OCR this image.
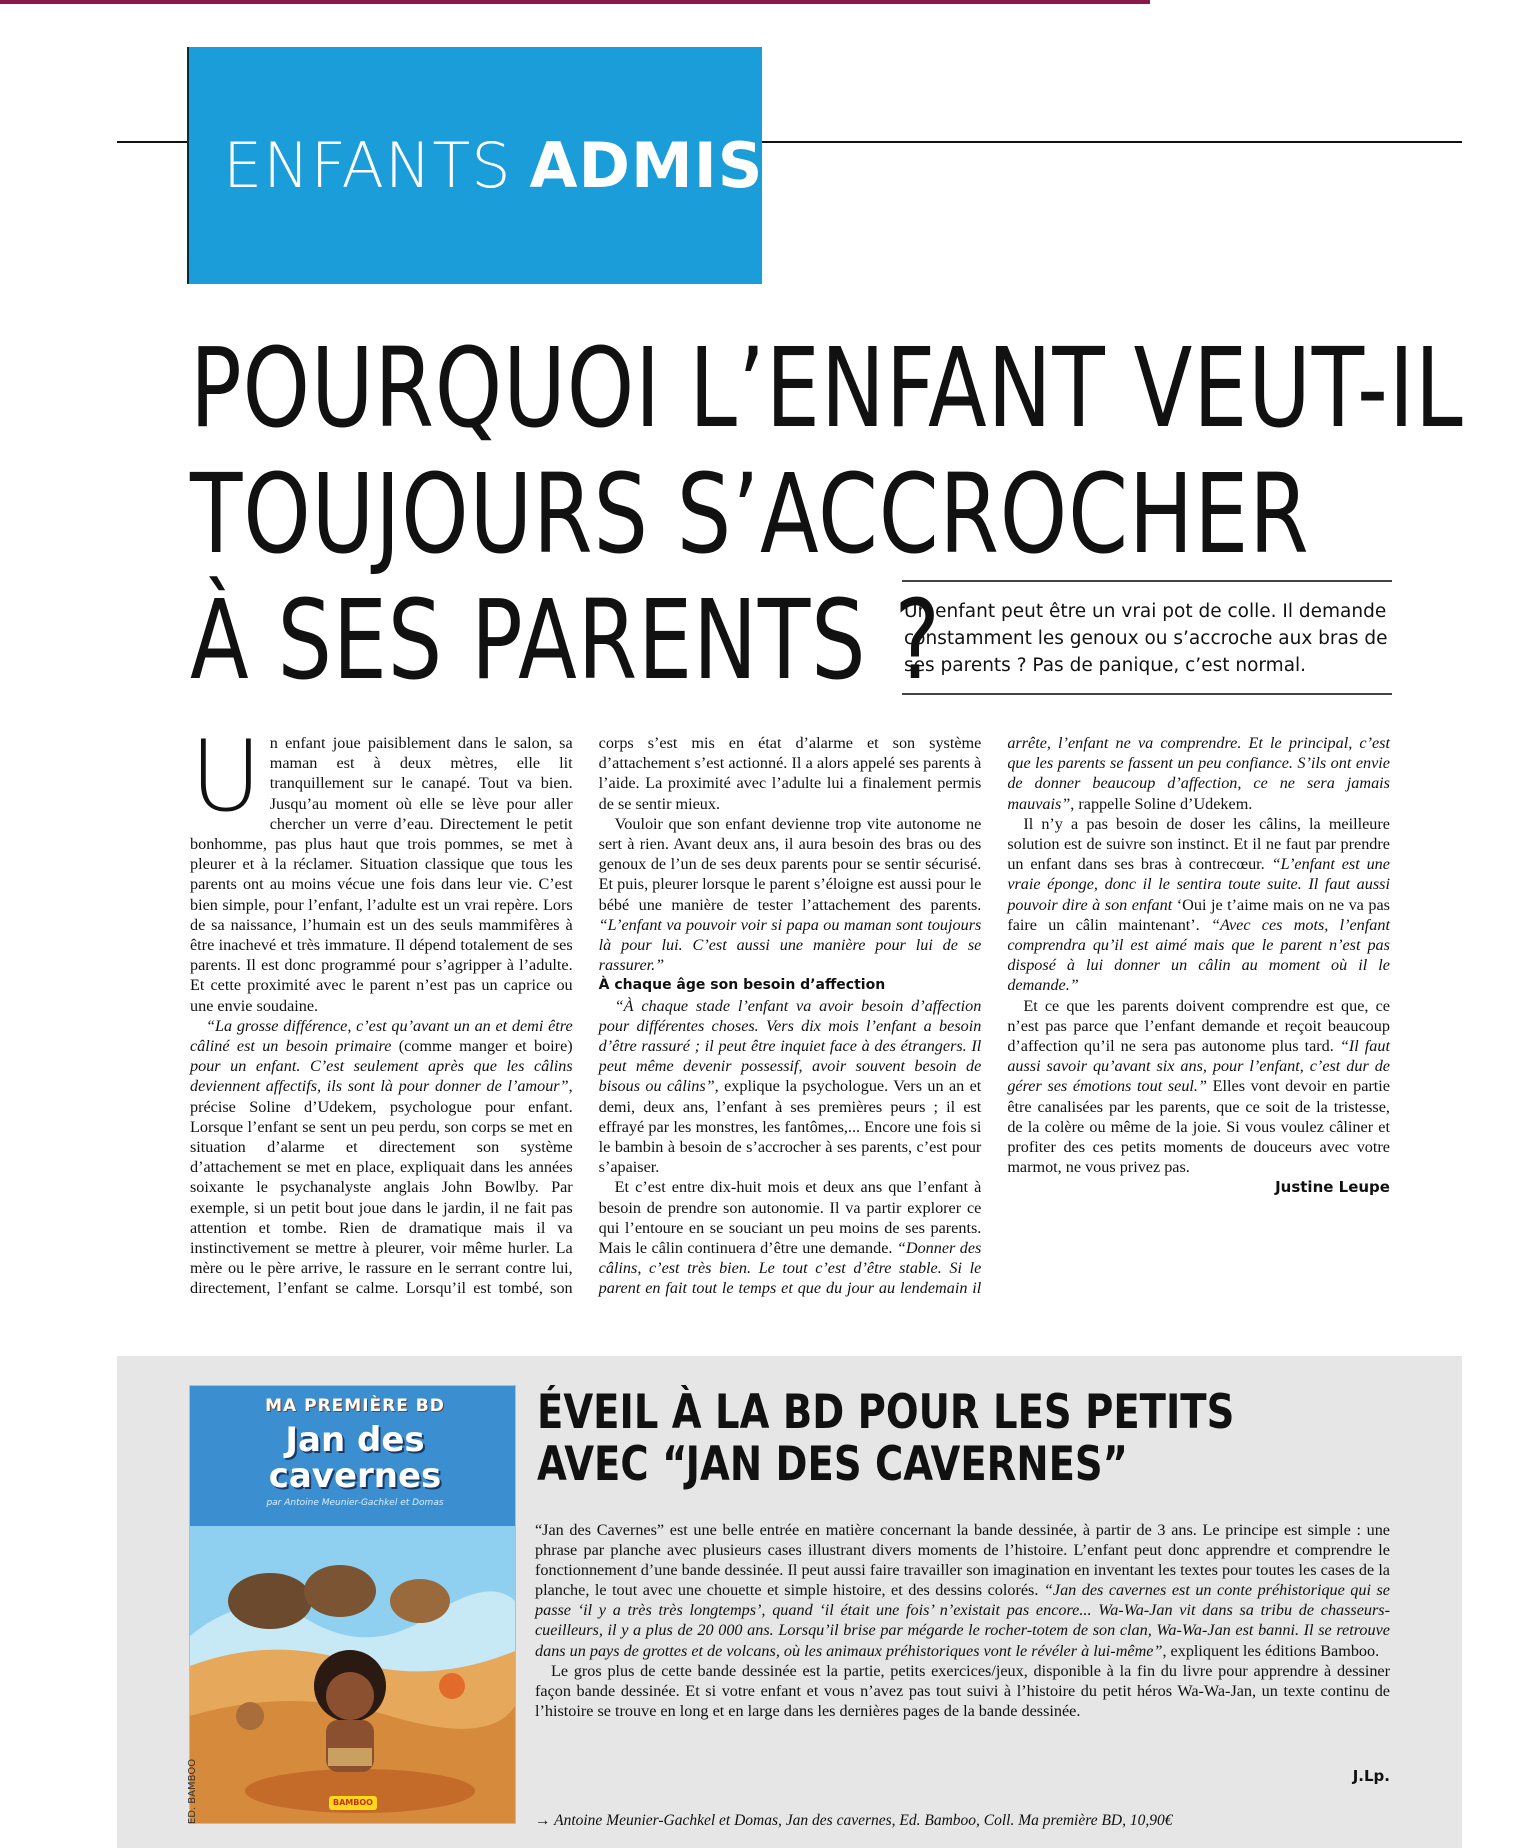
ENFANTS ADMIS
POURQUOI L’ENFANT VEUT-IL
TOUJOURS S’ACCROCHER
À SES PARENTS ?
Un enfant peut être un vrai pot de colle. Il demande constamment les genoux ou s’accroche aux bras de ses parents ? Pas de panique, c’est normal.

Un enfant joue paisiblement dans le salon, sa maman est à deux mètres, elle lit tranquillement sur le canapé. Tout va bien. Jusqu’au moment où elle se lève pour aller chercher un verre d’eau. Directement le petit bonhomme, pas plus haut que trois pommes, se met à pleurer et à la réclamer. Situation classique que tous les parents ont au moins vécue une fois dans leur vie. C’est bien simple, pour l’enfant, l’adulte est un vrai repère. Lors de sa naissance, l’humain est un des seuls mammifères à être inachevé et très immature. Il dépend totalement de ses parents. Il est donc programmé pour s’agripper à l’adulte. Et cette proximité avec le parent n’est pas un caprice ou une envie soudaine.

“La grosse différence, c’est qu’avant un an et demi être câliné est un besoin primaire (comme manger et boire) pour un enfant. C’est seulement après que les câlins deviennent affectifs, ils sont là pour donner de l’amour”, précise Soline d’Udekem, psychologue pour enfant. Lorsque l’enfant se sent un peu perdu, son corps se met en situation d’alarme et directement son système d’attachement se met en place, expliquait dans les années soixante le psychanalyste anglais John Bowlby. Par exemple, si un petit bout joue dans le jardin, il ne fait pas attention et tombe. Rien de dramatique mais il va instinctivement se mettre à pleurer, voir même hurler. La mère ou le père arrive, le rassure en le serrant contre lui, directement, l’enfant se calme. Lorsqu’il est tombé, son corps s’est mis en état d’alarme et son système d’attachement s’est actionné. Il a alors appelé ses parents à l’aide. La proximité avec l’adulte lui a finalement permis de se sentir mieux.

Vouloir que son enfant devienne trop vite autonome ne sert à rien. Avant deux ans, il aura besoin des bras ou des genoux de l’un de ses deux parents pour se sentir sécurisé. Et puis, pleurer lorsque le parent s’éloigne est aussi pour le bébé une manière de tester l’attachement des parents. “L’enfant va pouvoir voir si papa ou maman sont toujours là pour lui. C’est aussi une manière pour lui de se rassurer.”

À chaque âge son besoin d’affection

“À chaque stade l’enfant va avoir besoin d’affection pour différentes choses. Vers dix mois l’enfant a besoin d’être rassuré ; il peut être inquiet face à des étrangers. Il peut même devenir possessif, avoir souvent besoin de bisous ou câlins”, explique la psychologue. Vers un an et demi, deux ans, l’enfant à ses premières peurs ; il est effrayé par les monstres, les fantômes,... Encore une fois si le bambin à besoin de s’accrocher à ses parents, c’est pour s’apaiser.

Et c’est entre dix-huit mois et deux ans que l’enfant à besoin de prendre son autonomie. Il va partir explorer ce qui l’entoure en se souciant un peu moins de ses parents. Mais le câlin continuera d’être une demande. “Donner des câlins, c’est très bien. Le tout c’est d’être stable. Si le parent en fait tout le temps et que du jour au lendemain il arrête, l’enfant ne va comprendre. Et le principal, c’est que les parents se fassent un peu confiance. S’ils ont envie de donner beaucoup d’affection, ce ne sera jamais mauvais”, rappelle Soline d’Udekem.

Il n’y a pas besoin de doser les câlins, la meilleure solution est de suivre son instinct. Et il ne faut par prendre un enfant dans ses bras à contrecœur. “L’enfant est une vraie éponge, donc il le sentira toute suite. Il faut aussi pouvoir dire à son enfant ‘Oui je t’aime mais on ne va pas faire un câlin maintenant’. “Avec ces mots, l’enfant comprendra qu’il est aimé mais que le parent n’est pas disposé à lui donner un câlin au moment où il le demande.”

Et ce que les parents doivent comprendre est que, ce n’est pas parce que l’enfant demande et reçoit beaucoup d’affection qu’il ne sera pas autonome plus tard. “Il faut aussi savoir qu’avant six ans, pour l’enfant, c’est dur de gérer ses émotions tout seul.” Elles vont devoir en partie être canalisées par les parents, que ce soit de la tristesse, de la colère ou même de la joie. Si vous voulez câliner et profiter des ces petits moments de douceurs avec votre marmot, ne vous privez pas.

Justine Leupe

MA PREMIÈRE BD
Jan des
cavernes
par Antoine Meunier-Gachkel et Domas
ED. BAMBOO	BAMBOO
ÉVEIL À LA BD POUR LES PETITS
AVEC “JAN DES CAVERNES”

“Jan des Cavernes” est une belle entrée en matière concernant la bande dessinée, à partir de 3 ans. Le principe est simple : une phrase par planche avec plusieurs cases illustrant divers moments de l’histoire. L’enfant peut donc apprendre et comprendre le fonctionnement d’une bande dessinée. Il peut aussi faire travailler son imagination en inventant les textes pour toutes les cases de la planche, le tout avec une chouette et simple histoire, et des dessins colorés. “Jan des cavernes est un conte préhistorique qui se passe ‘il y a très très longtemps’, quand ‘il était une fois’ n’existait pas encore... Wa-Wa-Jan vit dans sa tribu de chasseurs-cueilleurs, il y a plus de 20 000 ans. Lorsqu’il brise par mégarde le rocher-totem de son clan, Wa-Wa-Jan est banni. Il se retrouve dans un pays de grottes et de volcans, où les animaux préhistoriques vont le révéler à lui-même”, expliquent les éditions Bamboo.

Le gros plus de cette bande dessinée est la partie, petits exercices/jeux, disponible à la fin du livre pour apprendre à dessiner façon bande dessinée. Et si votre enfant et vous n’avez pas tout suivi à l’histoire du petit héros Wa-Wa-Jan, un texte continu de l’histoire se trouve en long et en large dans les dernières pages de la bande dessinée.

J.Lp.
→ Antoine Meunier-Gachkel et Domas, Jan des cavernes, Ed. Bamboo, Coll. Ma première BD, 10,90€
